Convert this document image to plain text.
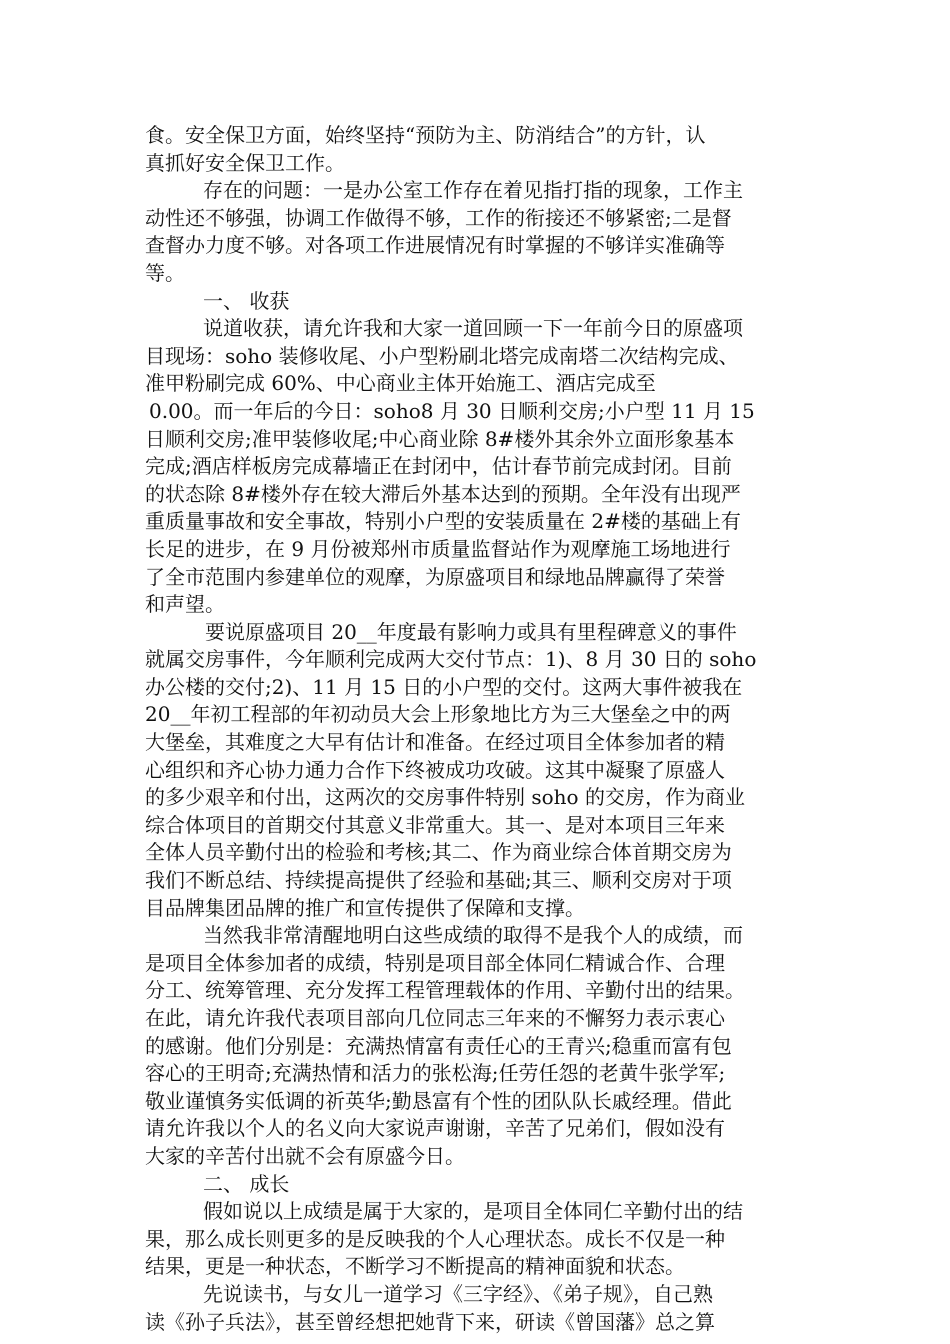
食。安全保卫方面，始终坚持“预防为主、防消结合”的方针，认
真抓好安全保卫工作。
存在的问题：一是办公室工作存在着见指打指的现象，工作主
动性还不够强，协调工作做得不够，工作的衔接还不够紧密;二是督
查督办力度不够。对各项工作进展情况有时掌握的不够详实准确等
等。
一、 收获
说道收获，请允许我和大家一道回顾一下一年前今日的原盛项
目现场：soho 装修收尾、小户型粉刷北塔完成南塔二次结构完成、
准甲粉刷完成 60%、中心商业主体开始施工、酒店完成至
0.00。而一年后的今日：soho8 月 30 日顺利交房;小户型 11 月 15
日顺利交房;准甲装修收尾;中心商业除 8#楼外其余外立面形象基本
完成;酒店样板房完成幕墙正在封闭中，估计春节前完成封闭。目前
的状态除 8#楼外存在较大滞后外基本达到的预期。全年没有出现严
重质量事故和安全事故，特别小户型的安装质量在 2#楼的基础上有
长足的进步，在 9 月份被郑州市质量监督站作为观摩施工场地进行
了全市范围内参建单位的观摩，为原盛项目和绿地品牌赢得了荣誉
和声望。
要说原盛项目 20__年度最有影响力或具有里程碑意义的事件
就属交房事件，今年顺利完成两大交付节点：1)、8 月 30 日的 soho
办公楼的交付;2)、11 月 15 日的小户型的交付。这两大事件被我在
20__年初工程部的年初动员大会上形象地比方为三大堡垒之中的两
大堡垒，其难度之大早有估计和准备。在经过项目全体参加者的精
心组织和齐心协力通力合作下终被成功攻破。这其中凝聚了原盛人
的多少艰辛和付出，这两次的交房事件特别 soho 的交房，作为商业
综合体项目的首期交付其意义非常重大。其一、是对本项目三年来
全体人员辛勤付出的检验和考核;其二、作为商业综合体首期交房为
我们不断总结、持续提高提供了经验和基础;其三、顺利交房对于项
目品牌集团品牌的推广和宣传提供了保障和支撑。
当然我非常清醒地明白这些成绩的取得不是我个人的成绩，而
是项目全体参加者的成绩，特别是项目部全体同仁精诚合作、合理
分工、统筹管理、充分发挥工程管理载体的作用、辛勤付出的结果。
在此，请允许我代表项目部向几位同志三年来的不懈努力表示衷心
的感谢。他们分别是：充满热情富有责任心的王青兴;稳重而富有包
容心的王明奇;充满热情和活力的张松海;任劳任怨的老黄牛张学军;
敬业谨慎务实低调的祈英华;勤恳富有个性的团队队长戚经理。借此
请允许我以个人的名义向大家说声谢谢，辛苦了兄弟们，假如没有
大家的辛苦付出就不会有原盛今日。
二、 成长
假如说以上成绩是属于大家的，是项目全体同仁辛勤付出的结
果，那么成长则更多的是反映我的个人心理状态。成长不仅是一种
结果，更是一种状态，不断学习不断提高的精神面貌和状态。
先说读书，与女儿一道学习《三字经》、《弟子规》，自己熟
读《孙子兵法》，甚至曾经想把她背下来，研读《曾国藩》总之算
